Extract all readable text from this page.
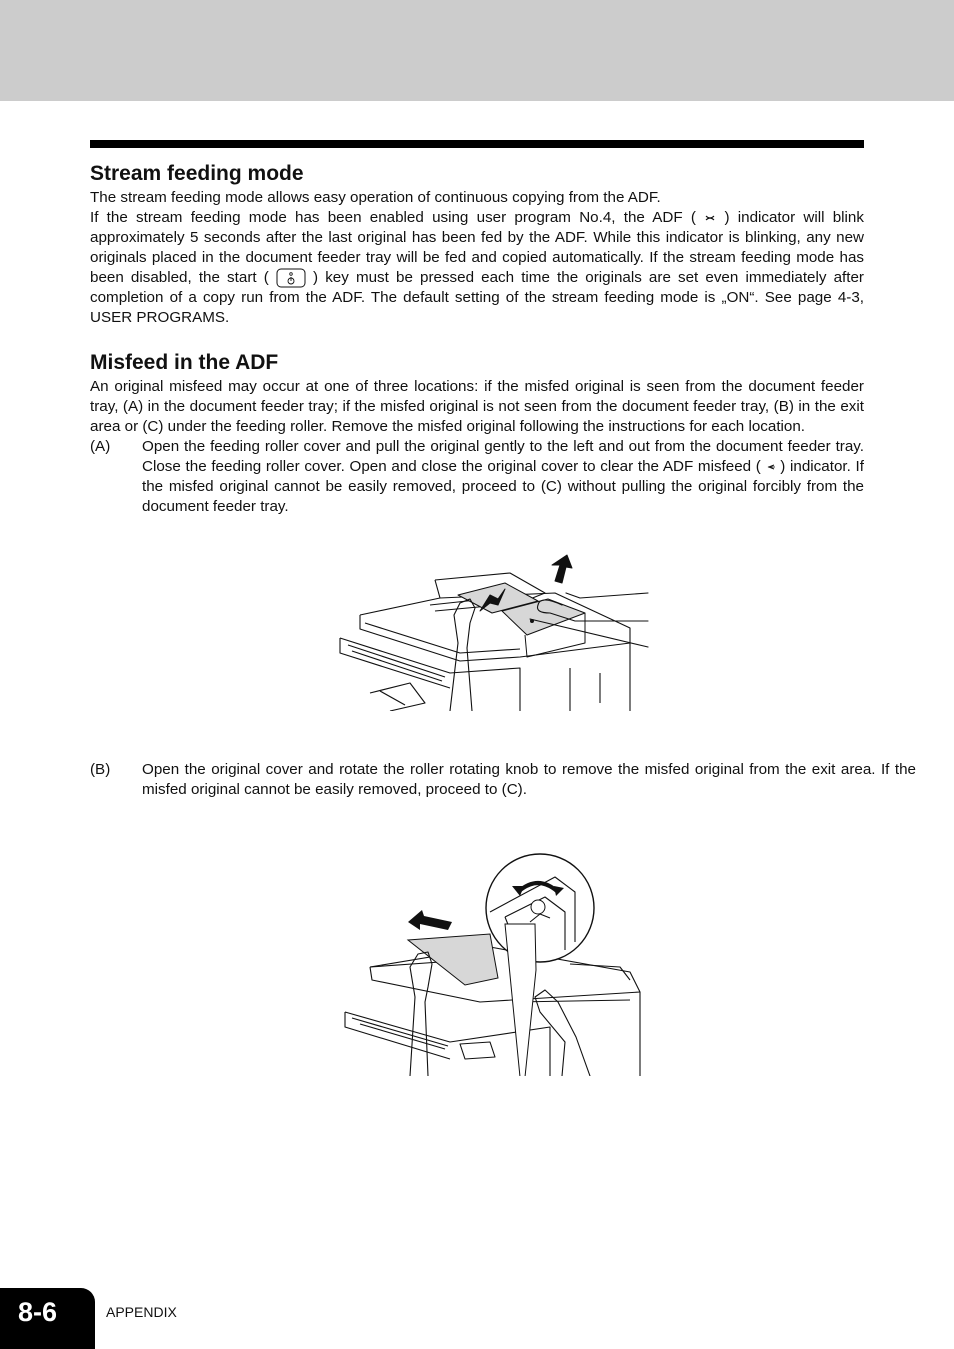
Stream feeding mode

The stream feeding mode allows easy operation of continuous copying from the ADF.

If the stream feeding mode has been enabled using user program No.4, the ADF ( ) indicator will blink approximately 5 seconds after the last original has been fed by the ADF. While this indicator is blinking, any new originals placed in the document feeder tray will be fed and copied automatically. If the stream feeding mode has been disabled, the start (	) key must be pressed each time the originals are set even immediately after completion of a copy run from the ADF. The default setting of the stream feeding mode is „ON“. See page 4-3, USER PROGRAMS.

Misfeed in the ADF

An original misfeed may occur at one of three locations: if the misfed original is seen from the document feeder tray, (A) in the document feeder tray; if the misfed original is not seen from the document feeder tray, (B) in the exit area or (C) under the feeding roller. Remove the misfed original following the instructions for each location.

(A) Open the feeding roller cover and pull the original gently to the left and out from the document feeder tray. Close the feeding roller cover. Open and close the original cover to clear the ADF misfeed ( ) indicator. If the misfed original cannot be easily removed, proceed to (C) without pulling the original forcibly from the document feeder tray.
(B) Open the original cover and rotate the roller rotating knob to remove the misfed original from the exit area. If the misfed original cannot be easily removed, proceed to (C).
8-6	APPENDIX
